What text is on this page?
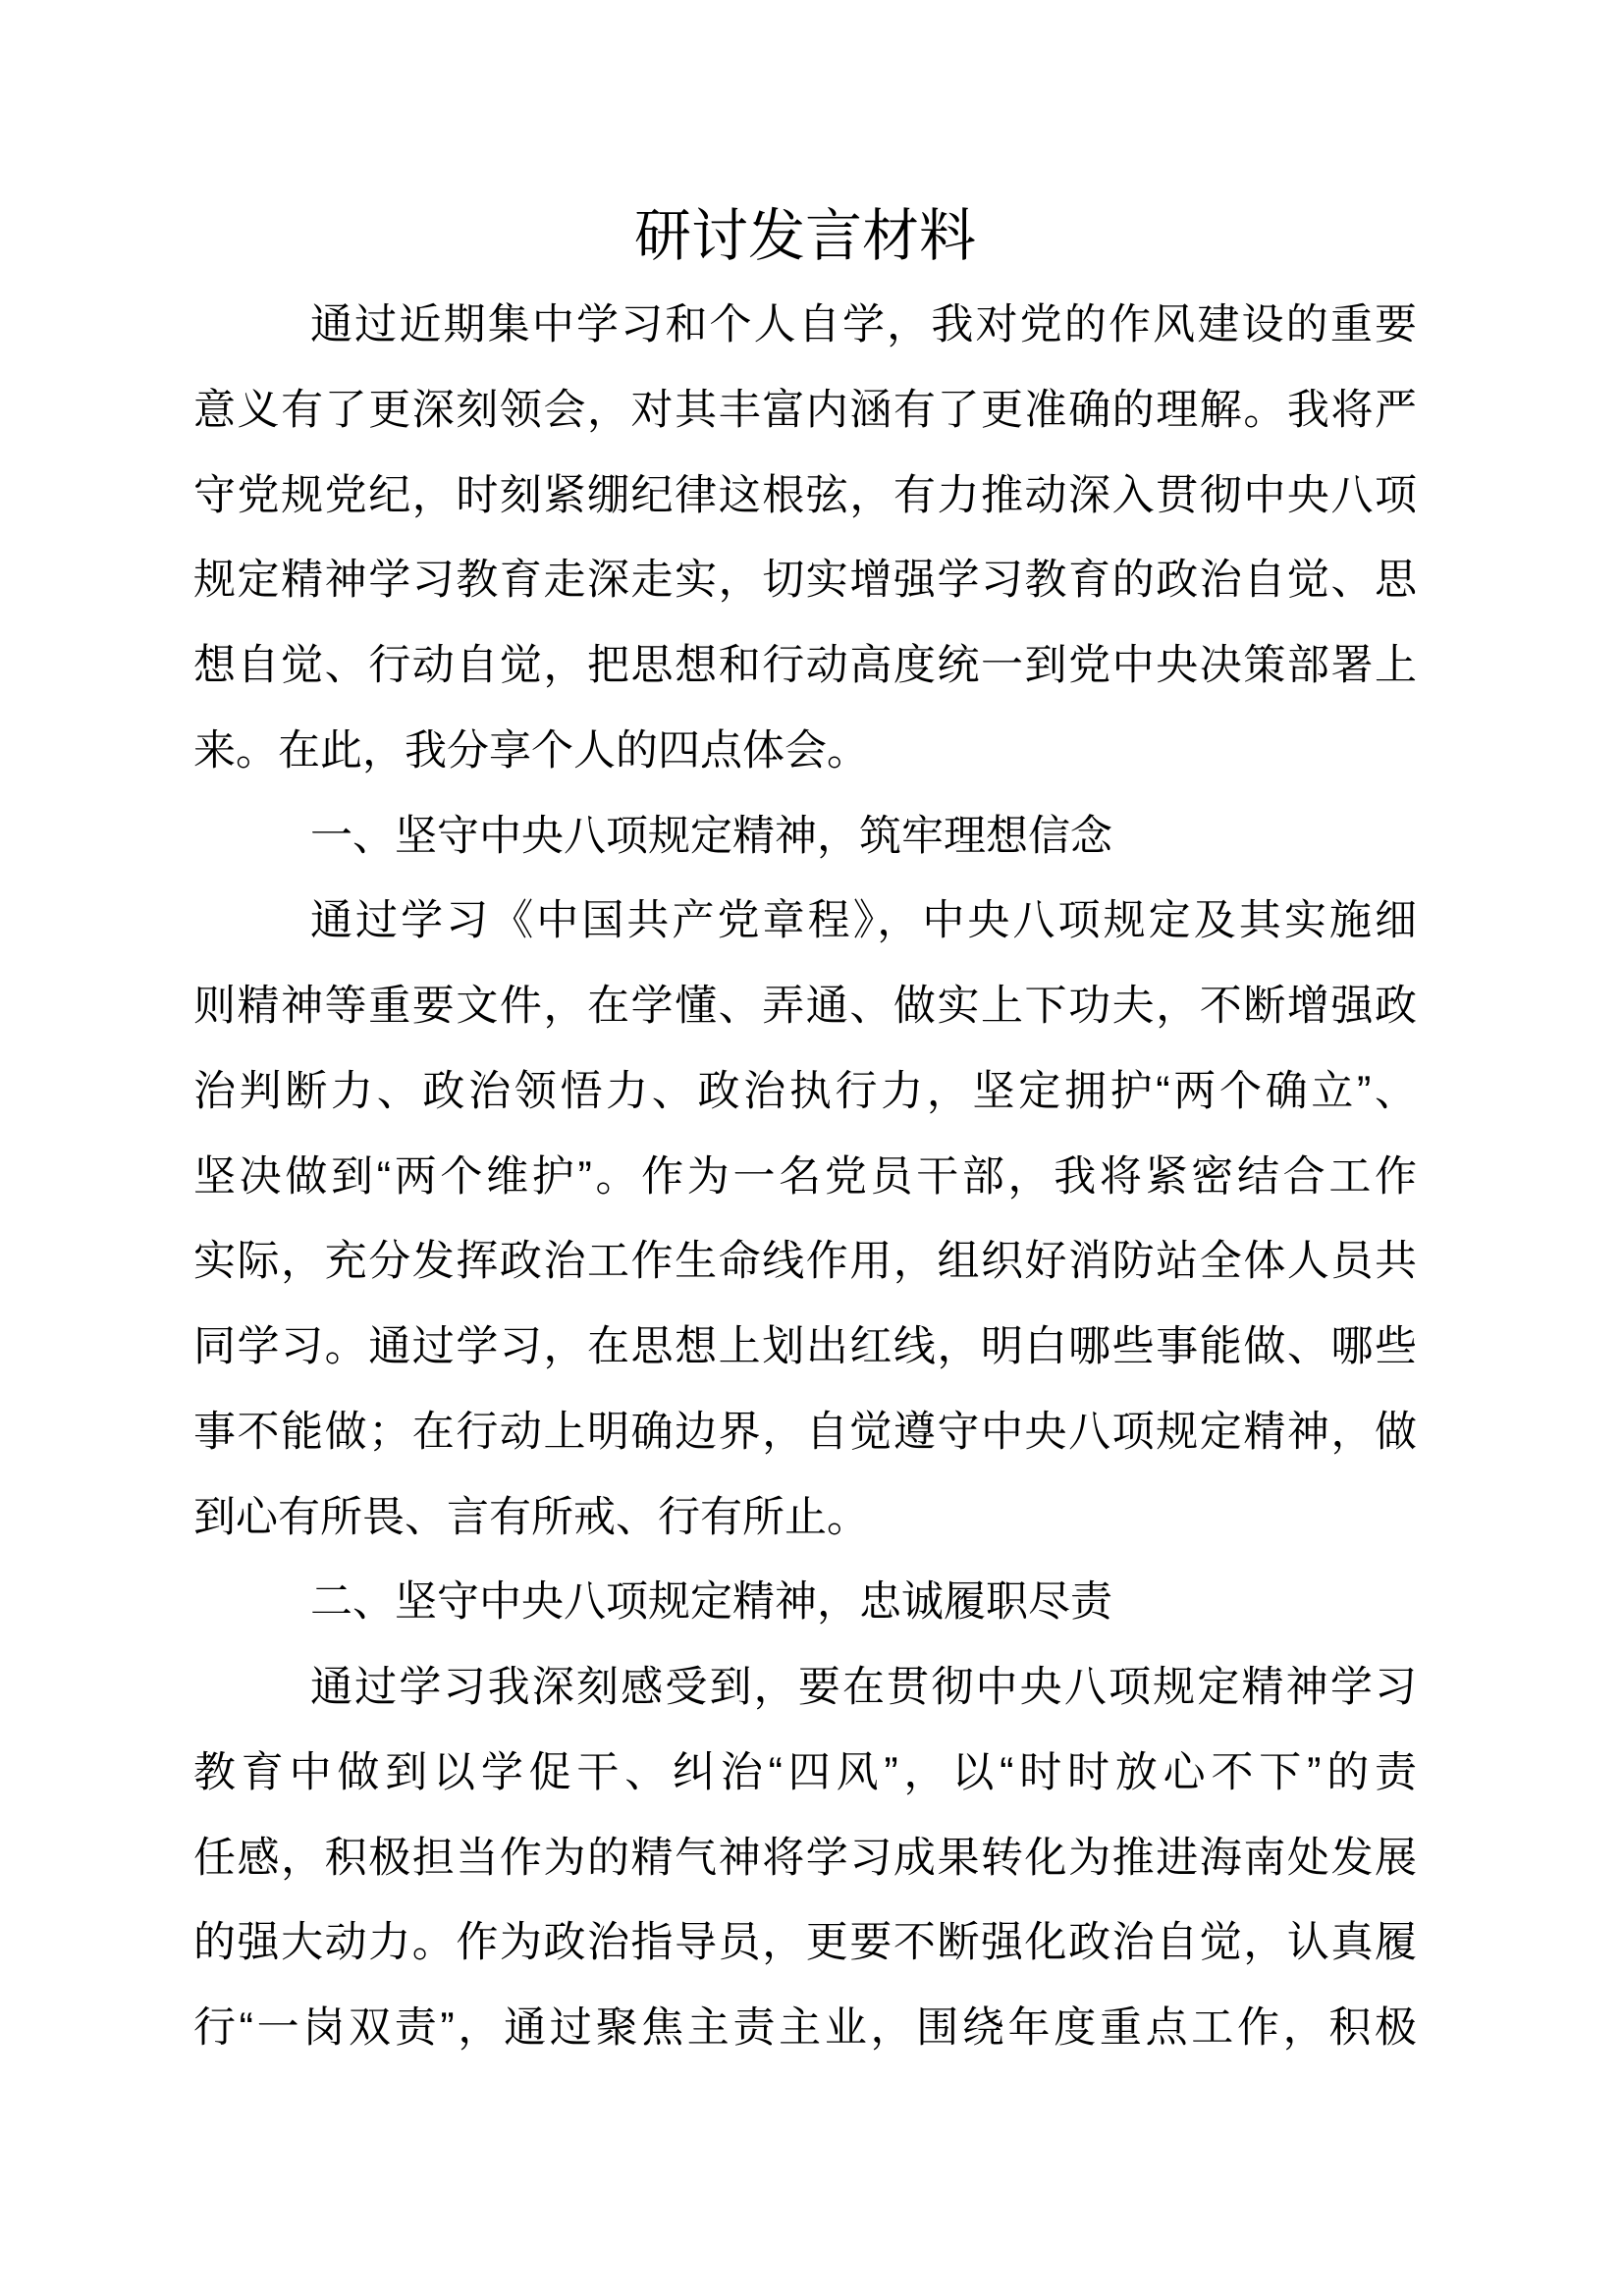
研讨发言材料
通过近期集中学习和个人自学，我对党的作风建设的重要
意义有了更深刻领会，对其丰富内涵有了更准确的理解。我将严
守党规党纪，时刻紧绷纪律这根弦，有力推动深入贯彻中央八项
规定精神学习教育走深走实，切实增强学习教育的政治自觉、思
想自觉、行动自觉，把思想和行动高度统一到党中央决策部署上
来。在此，我分享个人的四点体会。
一、坚守中央八项规定精神，筑牢理想信念
通过学习《中国共产党章程》，中央八项规定及其实施细
则精神等重要文件，在学懂、弄通、做实上下功夫，不断增强政
治判断力、政治领悟力、政治执行力，坚定拥护“两个确立”、
坚决做到“两个维护”。作为一名党员干部，我将紧密结合工作
实际，充分发挥政治工作生命线作用，组织好消防站全体人员共
同学习。通过学习，在思想上划出红线，明白哪些事能做、哪些
事不能做；在行动上明确边界，自觉遵守中央八项规定精神，做
到心有所畏、言有所戒、行有所止。
二、坚守中央八项规定精神，忠诚履职尽责
通过学习我深刻感受到，要在贯彻中央八项规定精神学习
教育中做到以学促干、纠治“四风”，以“时时放心不下”的责
任感，积极担当作为的精气神将学习成果转化为推进海南处发展
的强大动力。作为政治指导员，更要不断强化政治自觉，认真履
行“一岗双责”，通过聚焦主责主业，围绕年度重点工作，积极
